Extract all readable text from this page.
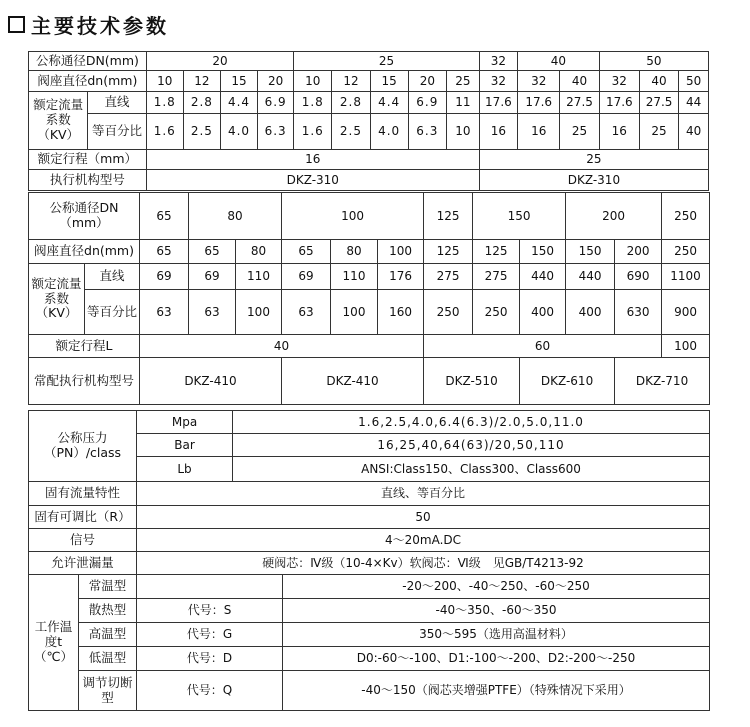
主要技术参数
公称通径DN(mm)		20				25					32	40		50		
阀座直径dn(mm)		10	12	15	20	10	12	15	20	25	32	32	40	32	40	50
额定流量系数（KV）	直线	1.8	2.8	4.4	6.9	1.8	2.8	4.4	6.9	11	17.6	17.6	27.5	17.6	27.5	44
	等百分比	1.6	2.5	4.0	6.3	1.6	2.5	4.0	6.3	10	16	16	25	16	25	40
额定行程（mm）		16									25					
执行机构型号		DKZ-310									DKZ-310					
公称通径DN（mm）		65	80		100			125	150		200		250
阀座直径dn(mm)		65	65	80	65	80	100	125	125	150	150	200	250
额定流量系数（KV）	直线	69	69	110	69	110	176	275	275	440	440	690	1100
	等百分比	63	63	100	63	100	160	250	250	400	400	630	900
额定行程L		40						60					100
常配执行机构型号		DKZ-410			DKZ-410			DKZ-510		DKZ-610		DKZ-710	
公称压力（PN）/class		Mpa	1.6,2.5,4.0,6.4(6.3)/2.0,5.0,11.0	
		Bar	16,25,40,64(63)/20,50,110	
		Lb	ANSI:Class150、Class300、Class600	
固有流量特性		直线、等百分比		
固有可调比（R）		50		
信号		4～20mA.DC		
允许泄漏量		硬阀芯：Ⅳ级（10-4×Kv）软阀芯：Ⅵ级　见GB/T4213-92		
工作温度t（℃）	常温型			-20～200、-40～250、-60～250
	散热型	代号：S		-40～350、-60～350
	高温型	代号：G		350～595（选用高温材料）
	低温型	代号：D		D0:-60～-100、D1:-100～-200、D2:-200～-250
	调节切断型	代号：Q		-40～150（阀芯夹增强PTFE）（特殊情况下采用）
